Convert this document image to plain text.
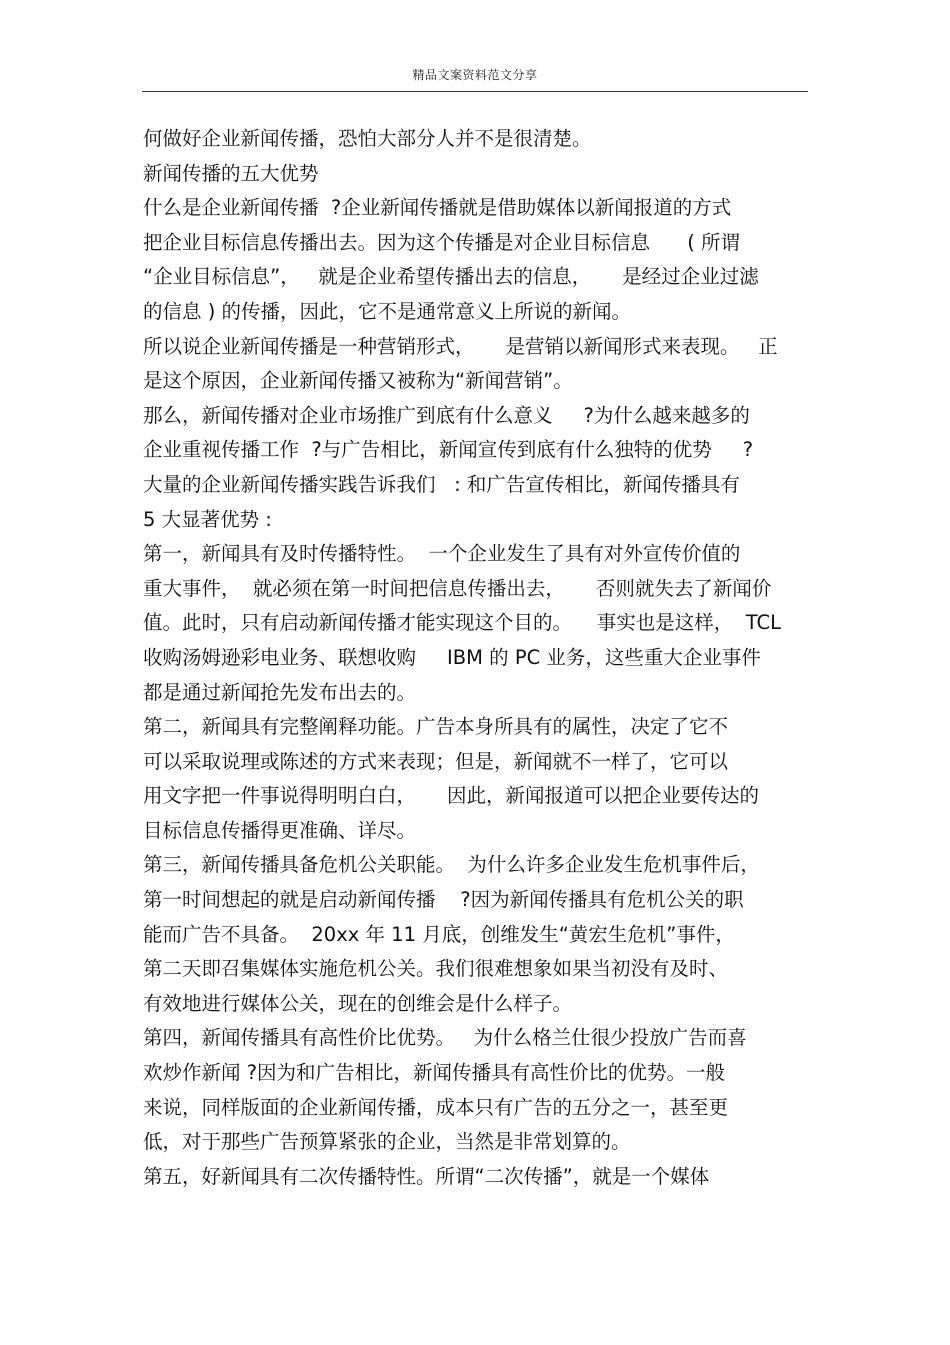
精品文案资料范文分享
何做好企业新闻传播，恐怕大部分人并不是很清楚。
新闻传播的五大优势
什么是企业新闻传播  ?企业新闻传播就是借助媒体以新闻报道的方式
把企业目标信息传播出去。因为这个传播是对企业目标信息      ( 所谓
“企业目标信息”，   就是企业希望传播出去的信息，     是经过企业过滤
的信息 ) 的传播，因此，它不是通常意义上所说的新闻。
所以说企业新闻传播是一种营销形式，     是营销以新闻形式来表现。   正
是这个原因，企业新闻传播又被称为“新闻营销”。
那么，新闻传播对企业市场推广到底有什么意义     ?为什么越来越多的
企业重视传播工作  ?与广告相比，新闻宣传到底有什么独特的优势     ?
大量的企业新闻传播实践告诉我们   : 和广告宣传相比，新闻传播具有
5 大显著优势 :
第一，新闻具有及时传播特性。  一个企业发生了具有对外宣传价值的
重大事件，  就必须在第一时间把信息传播出去，     否则就失去了新闻价
值。此时，只有启动新闻传播才能实现这个目的。    事实也是这样，  TCL
收购汤姆逊彩电业务、联想收购     IBM 的 PC 业务，这些重大企业事件
都是通过新闻抢先发布出去的。
第二，新闻具有完整阐释功能。广告本身所具有的属性，决定了它不
可以采取说理或陈述的方式来表现；但是，新闻就不一样了，它可以
用文字把一件事说得明明白白，     因此，新闻报道可以把企业要传达的
目标信息传播得更准确、详尽。
第三，新闻传播具备危机公关职能。  为什么许多企业发生危机事件后，
第一时间想起的就是启动新闻传播    ?因为新闻传播具有危机公关的职
能而广告不具备。  20xx 年 11 月底，创维发生“黄宏生危机”事件，
第二天即召集媒体实施危机公关。我们很难想象如果当初没有及时、
有效地进行媒体公关，现在的创维会是什么样子。
第四，新闻传播具有高性价比优势。   为什么格兰仕很少投放广告而喜
欢炒作新闻 ?因为和广告相比，新闻传播具有高性价比的优势。一般
来说，同样版面的企业新闻传播，成本只有广告的五分之一，甚至更
低，对于那些广告预算紧张的企业，当然是非常划算的。
第五，好新闻具有二次传播特性。所谓“二次传播”，就是一个媒体
